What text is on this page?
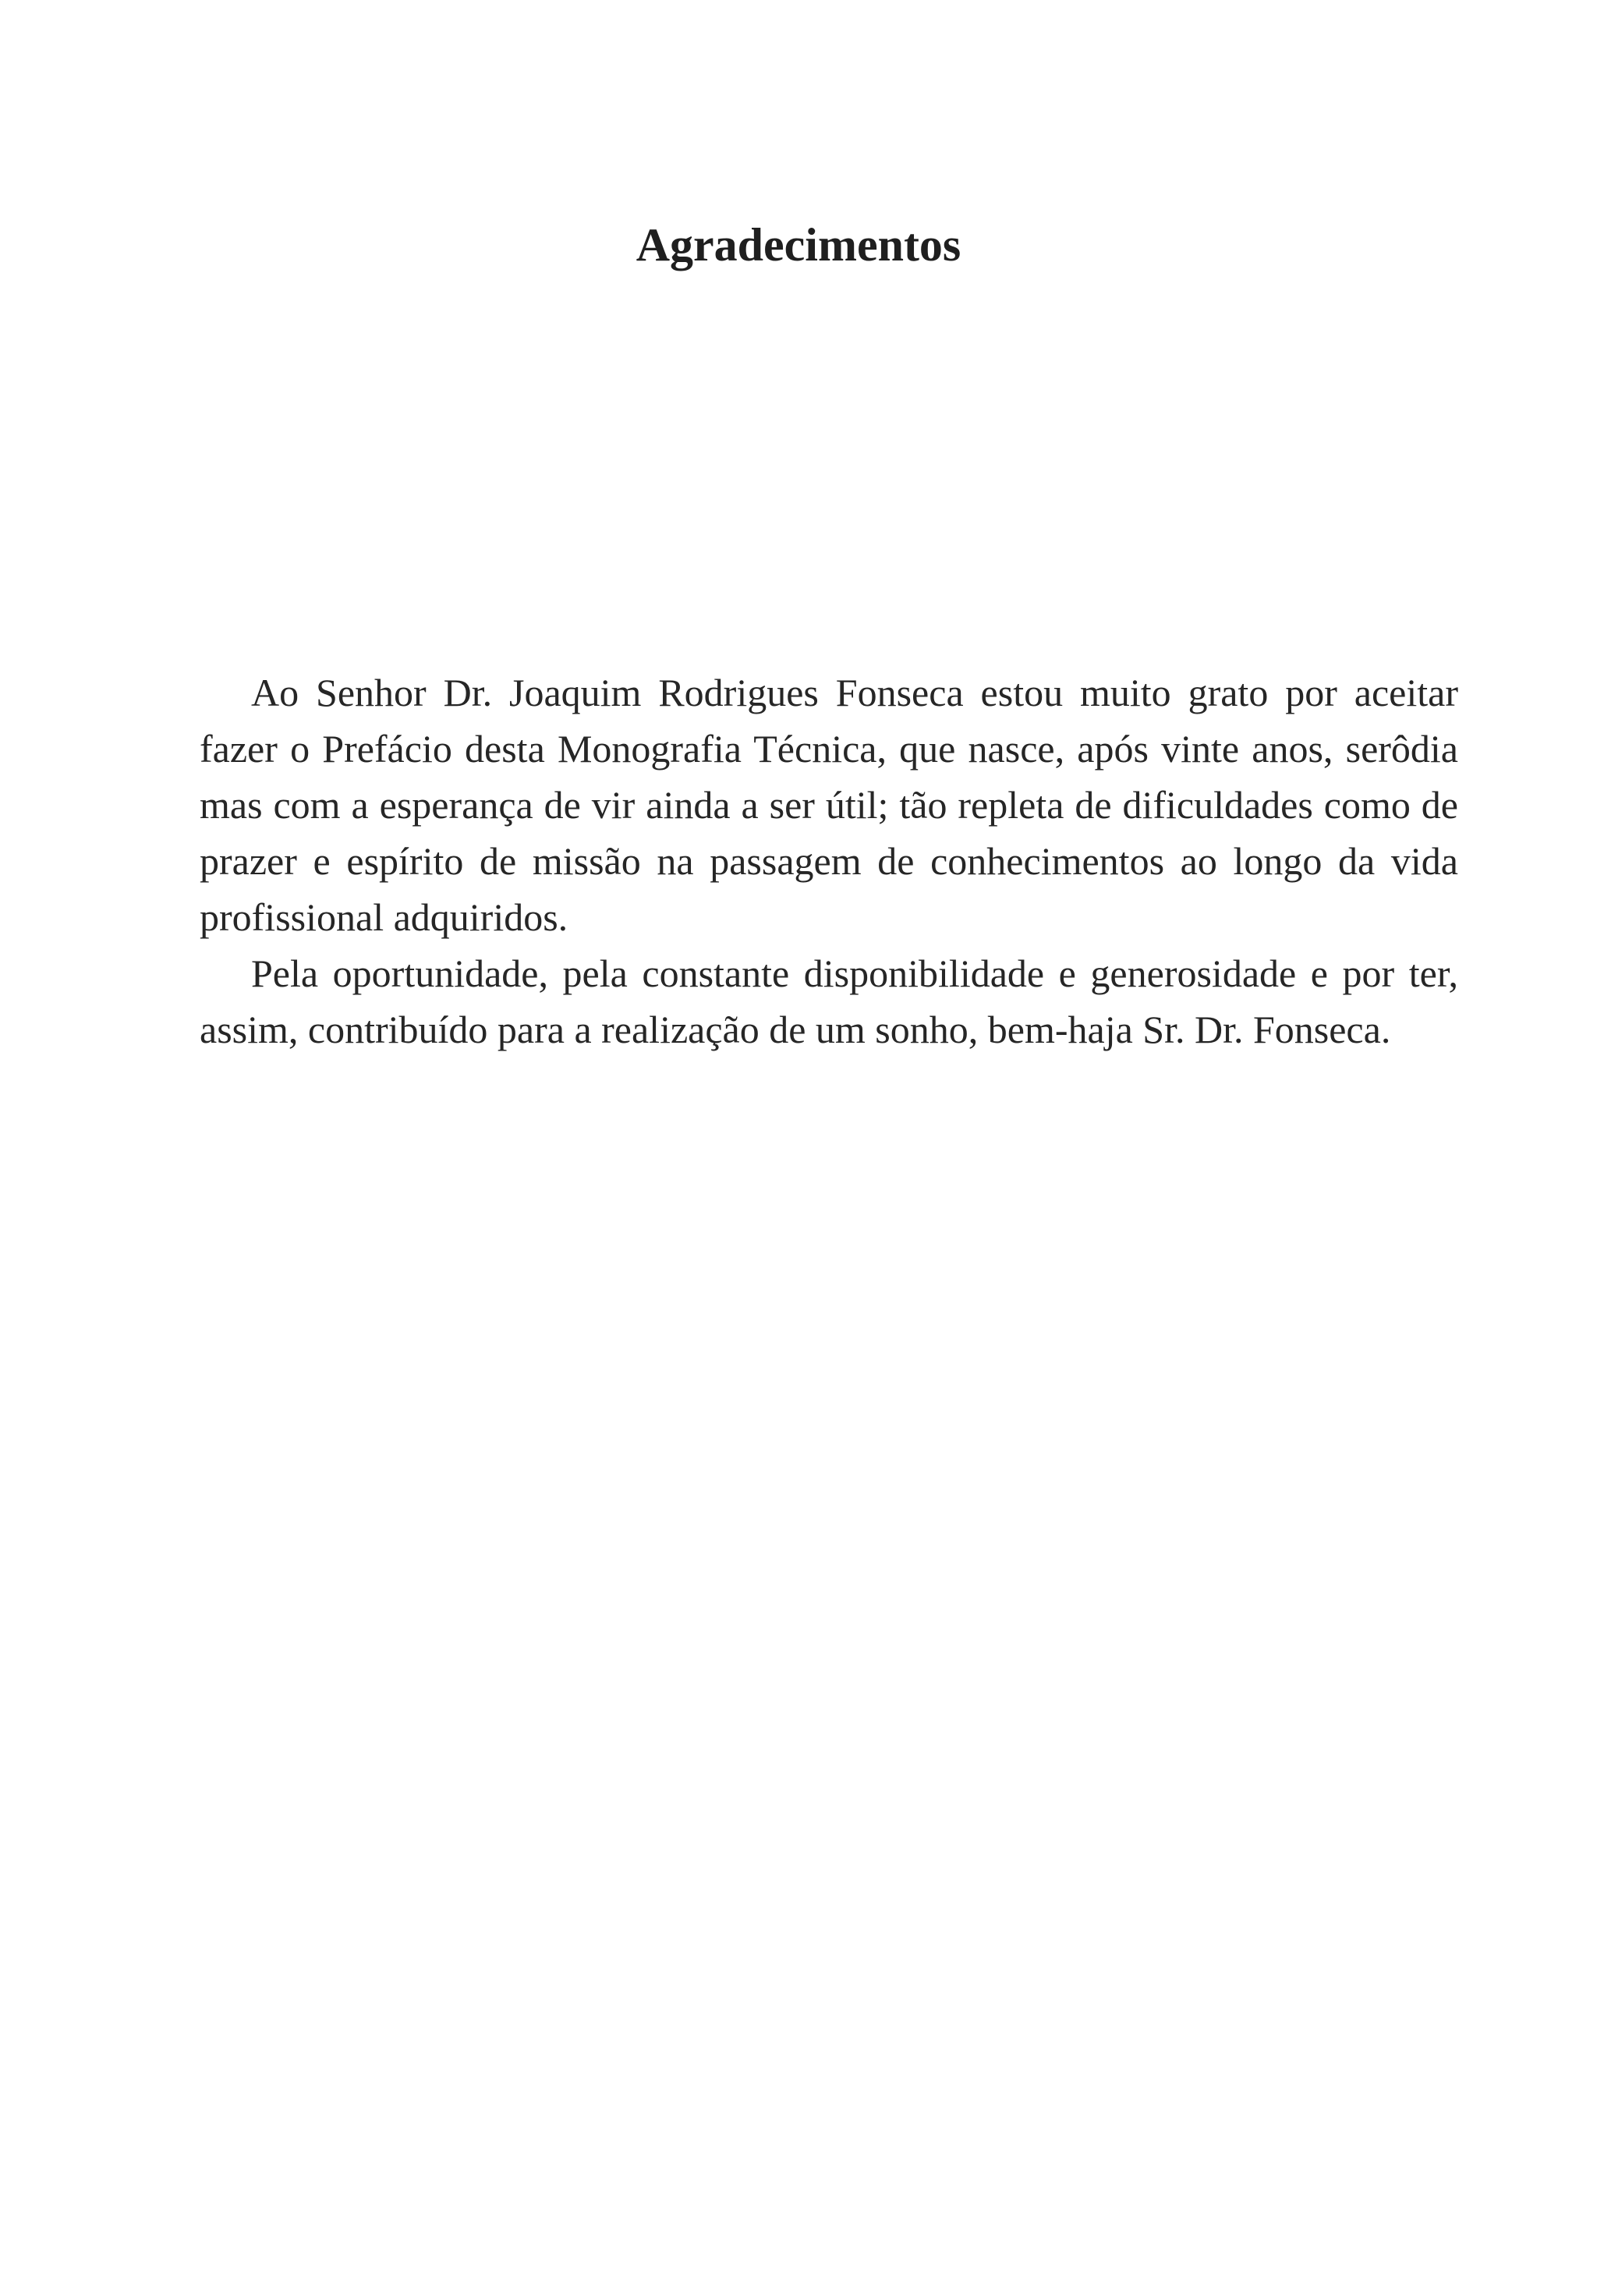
Agradecimentos

Ao Senhor Dr. Joaquim Rodrigues Fonseca estou muito grato por aceitar fazer o Prefácio desta Monografia Técnica, que nasce, após vinte anos, serôdia mas com a esperança de vir ainda a ser útil; tão repleta de dificuldades como de prazer e espírito de missão na passagem de conhecimentos ao longo da vida profissional adquiridos.

Pela oportunidade, pela constante disponibilidade e generosidade e por ter, assim, contribuído para a realização de um sonho, bem-haja Sr. Dr. Fonseca.
